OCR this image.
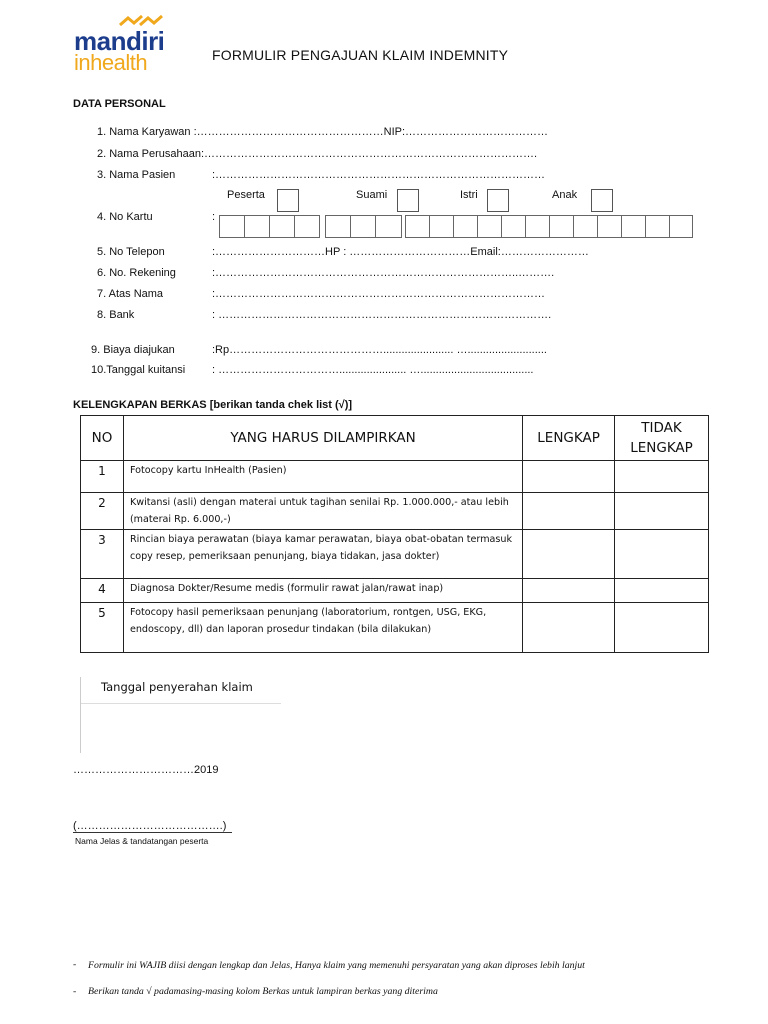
mandiri
inhealth	FORMULIR PENGAJUAN KLAIM INDEMNITY
DATA PERSONAL
1. Nama Karyawan :……………………………………………NIP:…………………………………
2. Nama Perusahaan:……………………………………………………………………………….
3. Nama Pasien	:………………………………………………………………………………
Peserta	Suami	Istri	Anak
4. No Kartu	:
5. No Telepon	:…………………………HP : ……………………………Email:……………………
6. No. Rekening	:………………………………………………………………………..……….
7. Atas Nama	:………………………………………………………………………………
8. Bank	: ……………………………………………………………………………….
9. Biaya diajukan	:Rp……………………………………....................... …..........................
10.Tanggal kuitansi : ……………………………...................... ….....................................
KELENGKAPAN BERKAS [berikan tanda chek list (√)]
NO	YANG HARUS DILAMPIRKAN	LENGKAP	TIDAK LENGKAP
1	Fotocopy kartu InHealth (Pasien)		
2	Kwitansi (asli) dengan materai untuk tagihan senilai Rp. 1.000.000,- atau lebih (materai Rp. 6.000,-)		
3	Rincian biaya perawatan (biaya kamar perawatan, biaya obat-obatan termasuk copy resep, pemeriksaan penunjang, biaya tidakan, jasa dokter)		
4	Diagnosa Dokter/Resume medis (formulir rawat jalan/rawat inap)		
5	Fotocopy hasil pemeriksaan penunjang (laboratorium, rontgen, USG, EKG, endoscopy, dll) dan laporan prosedur tindakan (bila dilakukan)		
Tanggal penyerahan klaim
……………………………2019
(………………………………….)
Nama Jelas & tandatangan peserta
- Formulir ini WAJIB diisi dengan lengkap dan Jelas, Hanya klaim yang memenuhi persyaratan yang akan diproses lebih lanjut
- Berikan tanda √ padamasing-masing kolom Berkas untuk lampiran berkas yang diterima
